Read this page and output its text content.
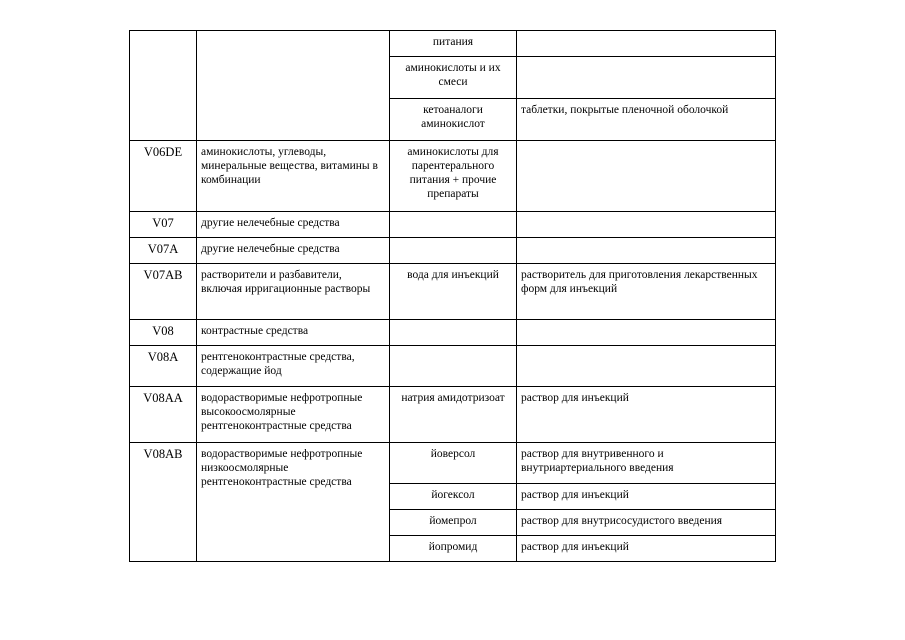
		питания	
		аминокислоты и их смеси	
		кетоаналоги аминокислот	таблетки, покрытые пленочной оболочкой
V06DE	аминокислоты, углеводы, минеральные вещества, витамины в комбинации	аминокислоты для парентерального питания + прочие препараты	
V07	другие нелечебные средства		
V07A	другие нелечебные средства		
V07AB	растворители и разбавители, включая ирригационные растворы	вода для инъекций	растворитель для приготовления лекарственных форм для инъекций
V08	контрастные средства		
V08A	рентгеноконтрастные средства, содержащие йод		
V08AA	водорастворимые нефротропные высокоосмолярные рентгеноконтрастные средства	натрия амидотризоат	раствор для инъекций
V08AB	водорастворимые нефротропные низкоосмолярные рентгеноконтрастные средства	йоверсол	раствор для внутривенного и внутриартериального введения
		йогексол	раствор для инъекций
		йомепрол	раствор для внутрисосудистого введения
		йопромид	раствор для инъекций
